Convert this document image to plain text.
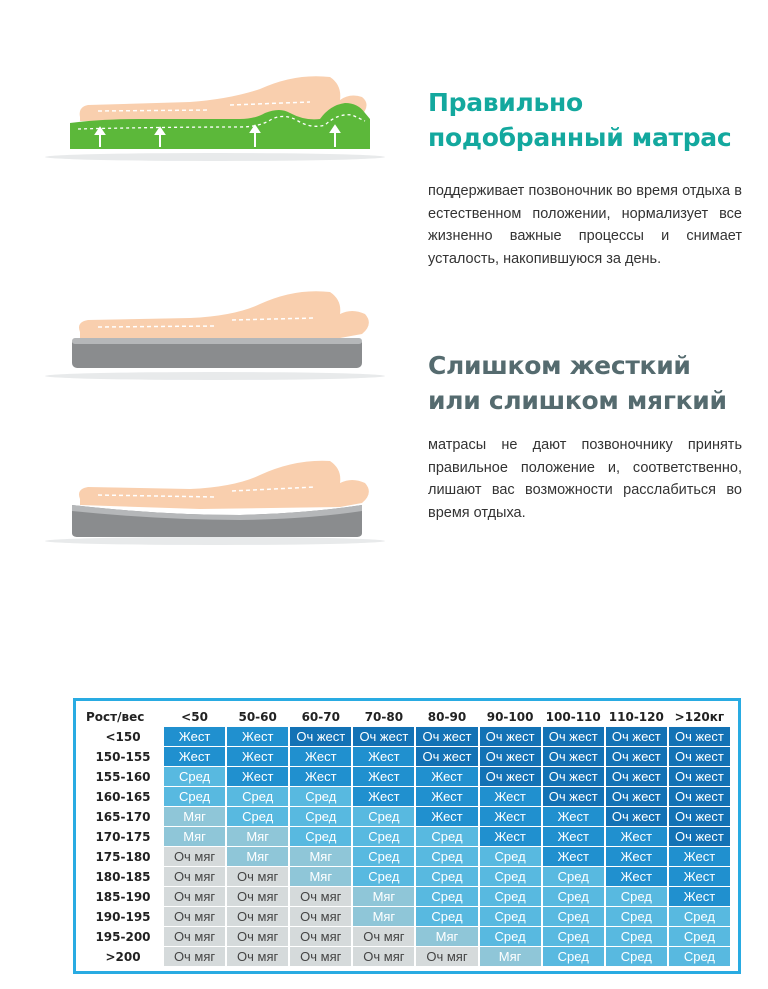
Правильно
подобранный матрас

поддерживает позвоночник во время отдыха в естественном положении, нормализует все жизненно важные процессы и снимает усталость, накопившуюся за день.

Слишком жесткий
или слишком мягкий

матрасы не дают позвоночнику принять правильное положение и, соответственно, лишают вас возможности расслабиться во время отдыха.

Рост/вес	<50	50-60	60-70	70-80	80-90	90-100	100-110	110-120	>120кг
<150	Жест	Жест	Оч жест	Оч жест	Оч жест	Оч жест	Оч жест	Оч жест	Оч жест
150-155	Жест	Жест	Жест	Жест	Оч жест	Оч жест	Оч жест	Оч жест	Оч жест
155-160	Сред	Жест	Жест	Жест	Жест	Оч жест	Оч жест	Оч жест	Оч жест
160-165	Сред	Сред	Сред	Жест	Жест	Жест	Оч жест	Оч жест	Оч жест
165-170	Мяг	Сред	Сред	Сред	Жест	Жест	Жест	Оч жест	Оч жест
170-175	Мяг	Мяг	Сред	Сред	Сред	Жест	Жест	Жест	Оч жест
175-180	Оч мяг	Мяг	Мяг	Сред	Сред	Сред	Жест	Жест	Жест
180-185	Оч мяг	Оч мяг	Мяг	Сред	Сред	Сред	Сред	Жест	Жест
185-190	Оч мяг	Оч мяг	Оч мяг	Мяг	Сред	Сред	Сред	Сред	Жест
190-195	Оч мяг	Оч мяг	Оч мяг	Мяг	Сред	Сред	Сред	Сред	Сред
195-200	Оч мяг	Оч мяг	Оч мяг	Оч мяг	Мяг	Сред	Сред	Сред	Сред
>200	Оч мяг	Оч мяг	Оч мяг	Оч мяг	Оч мяг	Мяг	Сред	Сред	Сред
